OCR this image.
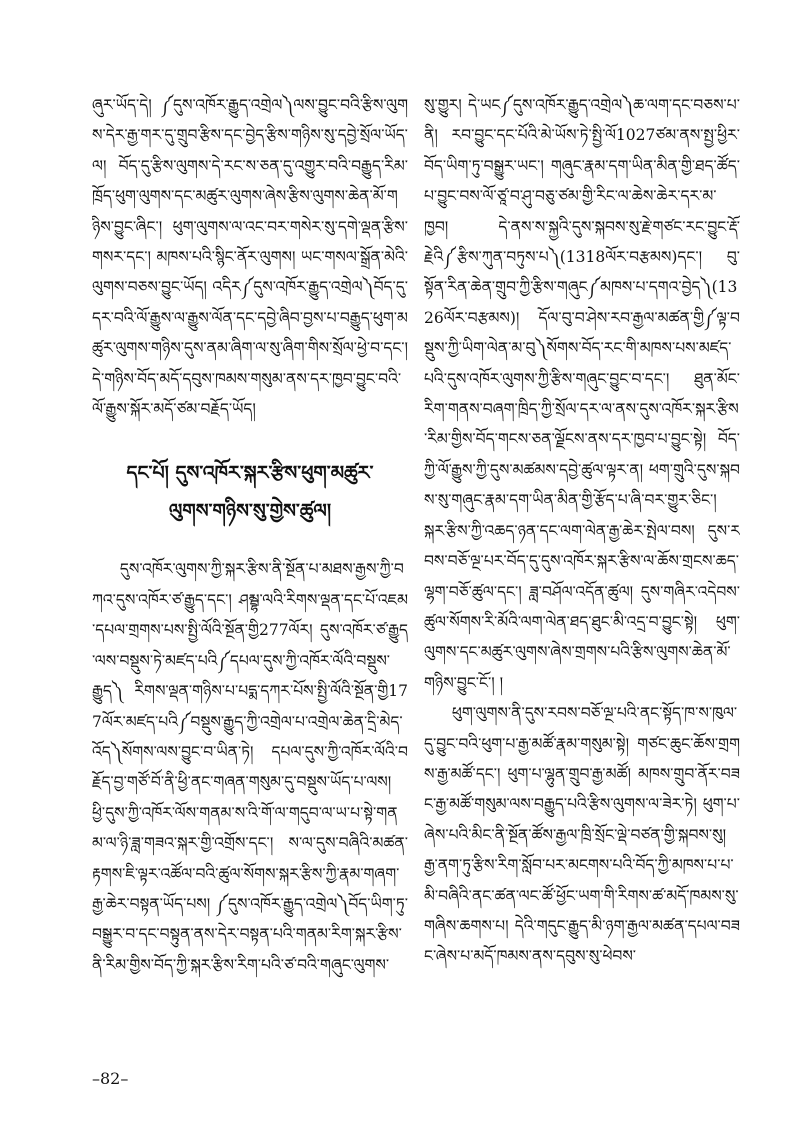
ཞུར་ཡོད་དེ། ༼དུས་འཁོར་རྒྱུད་འགྲེལ༽ལས་བྱུང་བའི་རྩིས་ལུགས་དེར་རྒྱ་གར་དུ་གྲུབ་རྩིས་དང་བྱེད་རྩིས་གཉིས་སུ་དབྱེ་སྲོལ་ཡོད་ལ། བོད་དུ་རྩིས་ལུགས་དེ་རང་ས་ཅན་དུ་འགྱུར་བའི་བརྒྱུད་རིམ་ཁྲོད་ཕུག་ལུགས་དང་མཚུར་ལུགས་ཞེས་རྩིས་ལུགས་ཆེན་མོ་གཉིས་བྱུང་ཞིང་། ཕུག་ལུགས་ལ་འང་བར་གསེར་སུ་དགེ་ལྡན་རྩིས་གསར་དང་། མཁས་པའི་སྙིང་ནོར་ལུགས། ཡང་གསལ་སྒྲོན་མེའི་ལུགས་བཅས་བྱུང་ཡོད། འདིར༼དུས་འཁོར་རྒྱུད་འགྲེལ༽བོད་དུ་དར་བའི་ལོ་རྒྱུས་ལ་རྒྱུས་ལོན་དང་དབྱེ་ཞིབ་བྱས་པ་བརྒྱུད་ཕུག་མཚུར་ལུགས་གཉིས་དུས་ནམ་ཞིག་ལ་སུ་ཞིག་གིས་སྲོལ་ཕྱེ་བ་དང་། དེ་གཉིས་བོད་མདོ་དབུས་ཁམས་གསུམ་ནས་དར་ཁྱབ་བྱུང་བའི་ལོ་རྒྱུས་སྐོར་མདོ་ཙམ་བརྗོད་ཡོད།

དང་པོ། དུས་འཁོར་སྐར་རྩིས་ཕུག་མཚུར་
ལུགས་གཉིས་སུ་གྱེས་ཚུལ།

དུས་འཁོར་ལུགས་ཀྱི་སྐར་རྩིས་ནི་སྔོན་པ་མཐས་རྒྱས་ཀྱི་བཀའ་དུས་འཁོར་ཙ་རྒྱུད་དང་། ཤམྦྷ་ལའི་རིགས་ལྡན་དང་པོ་འཇམ་དཔལ་གྲགས་པས་སྤྱི་ལོའི་སྔོན་གྱི277ལོར། དུས་འཁོར་ཙ་རྒྱུད་ལས་བསྡུས་ཏེ་མཛད་པའི༼དཔལ་དུས་ཀྱི་འཁོར་ལོའི་བསྡུས་རྒྱུད༽ རིགས་ལྡན་གཉིས་པ་པདྨ་དཀར་པོས་སྤྱི་ལོའི་སྔོན་གྱི177ལོར་མཛད་པའི༼བསྡུས་རྒྱུད་ཀྱི་འགྲེལ་པ་འགྲེལ་ཆེན་དྲི་མེད་འོད༽སོགས་ལས་བྱུང་བ་ཡིན་ཏེ། དཔལ་དུས་ཀྱི་འཁོར་ལོའི་བརྗོད་བྱ་གཙོ་བོ་ནི་ཕྱི་ནང་གཞན་གསུམ་དུ་བསྡུས་ཡོད་པ་ལས། ཕྱི་དུས་ཀྱི་འཁོར་ལོས་གནམ་ས་འི་གོ་ལ་གདུབ་ལ་ཡ་པ་སྟེ་གནམ་ལ་ཉི་ཟླ་གཟའ་སྐར་གྱི་འགྲོས་དང་། ས་ལ་དུས་བཞིའི་མཚན་རྟགས་ཇི་ལྟར་འཚོལ་བའི་ཚུལ་སོགས་སྐར་རྩིས་ཀྱི་རྣམ་གཞག་རྒྱ་ཆེར་བསྟན་ཡོད་པས། ༼དུས་འཁོར་རྒྱུད་འགྲེལ༽བོད་ཡིག་ཏུ་བསྒྱུར་བ་དང་བསྟུན་ནས་དེར་བསྟན་པའི་གནམ་རིག་སྐར་རྩིས་ནི་རིམ་གྱིས་བོད་ཀྱི་སྐར་རྩིས་རིག་པའི་ཙ་བའི་གཞུང་ལུགས་

སུ་གྱུར། དེ་ཡང༼དུས་འཁོར་རྒྱུད་འགྲེལ༽ཆ་ལག་དང་བཅས་པ་ནི། རབ་བྱུང་དང་པོའི་མེ་ཡོས་ཏེ་སྤྱི་ལོ1027ཙམ་ནས་སྤྱ་ཕྱིར་བོད་ཡིག་ཏུ་བསྒྱུར་ཡང་། གཞུང་རྣམ་དག་ཡིན་མིན་གྱི་ཐད་ཚོད་པ་བྱུང་བས་ལོ་ཙཱ་བ་ཤུ་བཅུ་ཙམ་གྱི་རིང་ལ་ཆེས་ཆེར་དར་མ་ཁྱབ། དེ་ནས་ས་སྐྱའི་དུས་སྐབས་སུ་རྗེ་གཙང་རང་བྱུང་རྡོ་རྗེའི༼རྩིས་ཀུན་བཏུས་པ༽(1318ལོར་བརྩམས)དང་། བུ་སྟོན་རིན་ཆེན་གྲུབ་ཀྱི་རྩིས་གཞུང༼མཁས་པ་དགའ་བྱེད༽(1326ལོར་བརྩམས)། དོལ་བུ་བ་ཤེས་རབ་རྒྱལ་མཚན་གྱི༼ལྟ་བསྡུས་ཀྱི་ཡིག་ལེན་མ་བུ༽སོགས་བོད་རང་གི་མཁས་པས་མཛད་པའི་དུས་འཁོར་ལུགས་ཀྱི་རྩིས་གཞུང་བྱུང་བ་དང་། ཐུན་མོང་རིག་གནས་བཞག་ཁྲིད་ཀྱི་སྲོལ་དར་ལ་ནས་དུས་འཁོར་སྐར་རྩིས་རིམ་གྱིས་བོད་གངས་ཅན་ལྗོངས་ནས་དར་ཁྱབ་པ་བྱུང་སྟེ། བོད་ཀྱི་ལོ་རྒྱུས་ཀྱི་དུས་མཚམས་དབྱེ་ཚུལ་ལྟར་ན། ཕག་གྲུའི་དུས་སྐབས་སུ་གཞུང་རྣམ་དག་ཡིན་མིན་གྱི་རྩོད་པ་ཞི་བར་གྱུར་ཅིང་། སྐར་རྩིས་ཀྱི་འཆད་ཉན་དང་ལག་ལེན་རྒྱ་ཆེར་སྤེལ་བས། དུས་རབས་བཅོ་ལྔ་པར་བོད་དུ་དུས་འཁོར་སྐར་རྩིས་ལ་ཆོས་གྲངས་ཆད་ལྷག་བཅོ་ཚུལ་དང་། ཟླ་བཤོལ་འདོན་ཚུལ། དུས་གཞིར་འདེབས་ཚུལ་སོགས་རི་མོའི་ལག་ལེན་ཐད་ཐུང་མི་འདྲ་བ་བྱུང་སྟེ། ཕུག་ལུགས་དང་མཚུར་ལུགས་ཞེས་གྲགས་པའི་རྩིས་ལུགས་ཆེན་མོ་གཉིས་བྱུང་ངོ་། །

ཕུག་ལུགས་ནི་དུས་རབས་བཅོ་ལྔ་པའི་ནང་སྟོད་ཁ་ས་ཁུལ་དུ་བྱུང་བའི་ཕུག་པ་རྒྱ་མཚོ་རྣམ་གསུམ་སྟེ། གཙང་ཆུང་ཆོས་གྲགས་རྒྱ་མཚོ་དང་། ཕུག་པ་ལྷུན་གྲུབ་རྒྱ་མཚོ། མཁས་གྲུབ་ནོར་བཟང་རྒྱ་མཚོ་གསུམ་ལས་བརྒྱུད་པའི་རྩིས་ལུགས་ལ་ཟེར་ཏེ། ཕུག་པ་ཞེས་པའི་མིང་ནི་སྔོན་ཚོས་རྒྱལ་ཁྲི་སྲོང་ལྡེ་བཙན་གྱི་སྐབས་སུ། རྒྱ་ནག་ཏུ་རྩིས་རིག་སློབ་པར་མངགས་པའི་བོད་ཀྱི་མཁས་པ་པ་མི་བཞིའི་ནང་ཚན་ལང་ཚོ་ཕྱོང་ཡག་གི་རིགས་ཚ་མདོ་ཁམས་སུ་གཞིས་ཆགས་པ། དེའི་གདུང་རྒྱུད་མི་ཉག་རྒྱལ་མཚན་དཔལ་བཟང་ཞེས་པ་མདོ་ཁམས་ནས་དབུས་སུ་ཕེབས་

–82–
